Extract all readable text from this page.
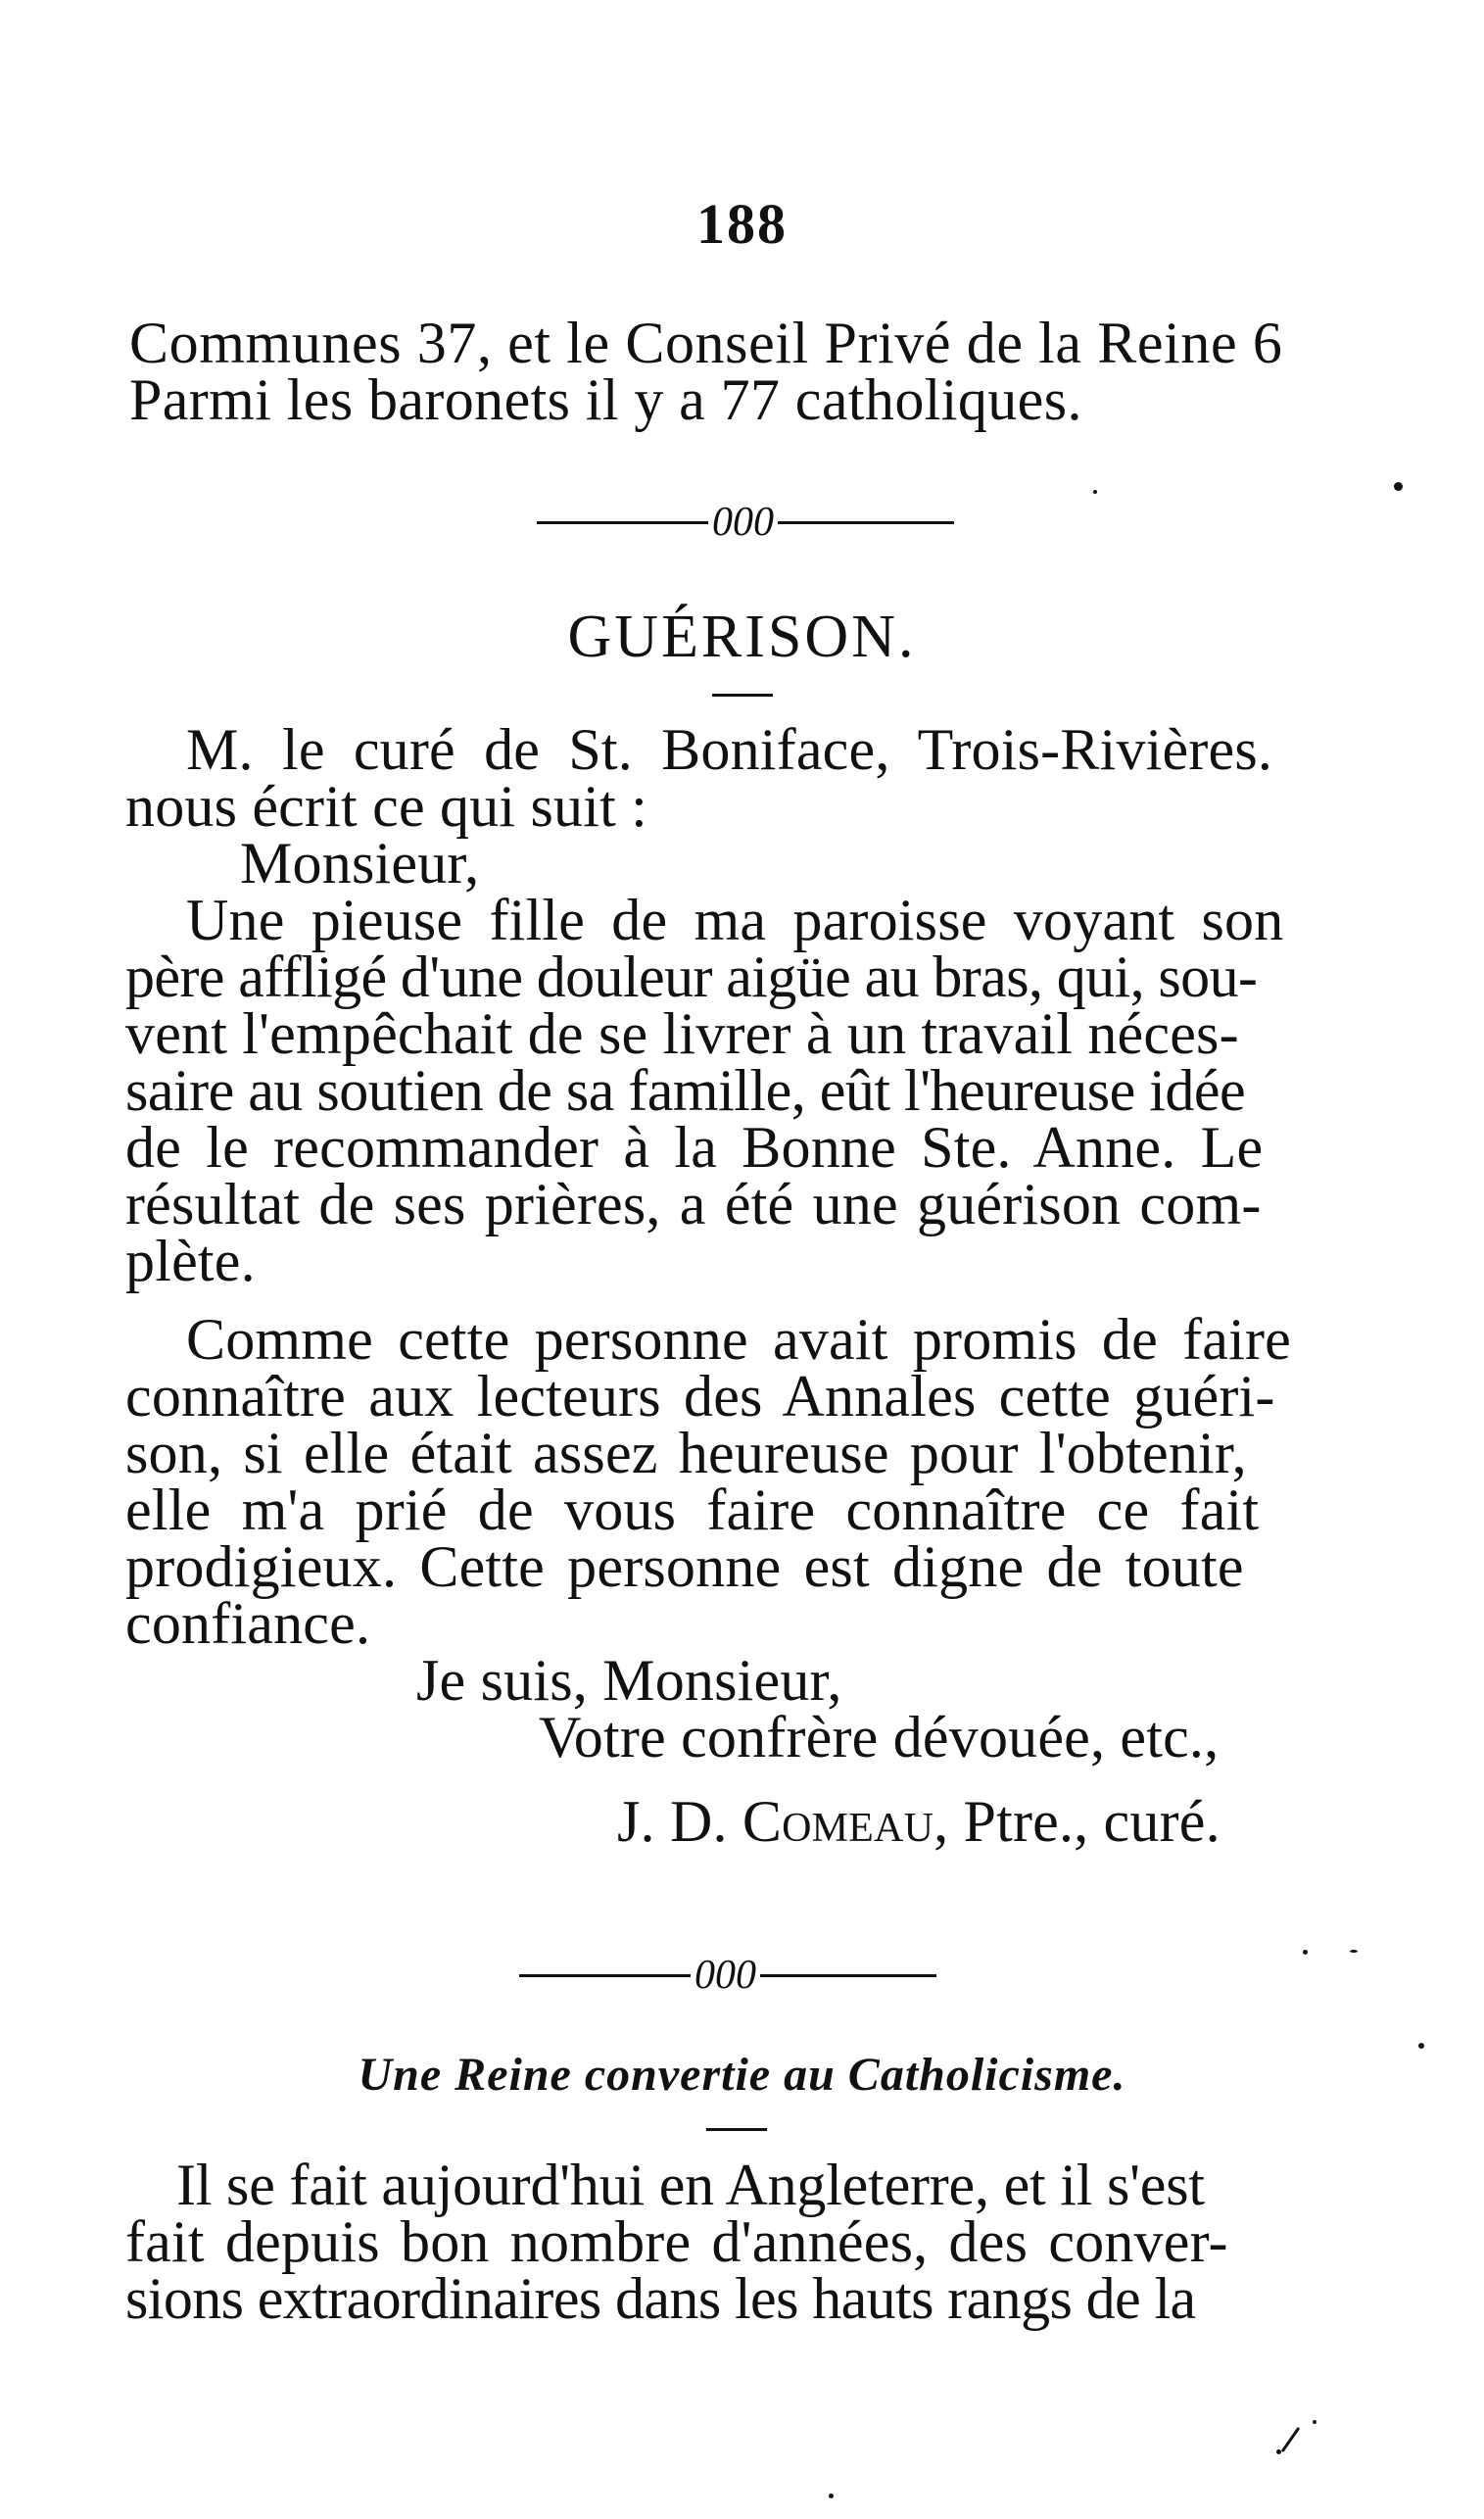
188
Communes 37, et le Conseil Privé de la Reine 6
Parmi les baronets il y a 77 catholiques.
000
GUÉRISON.
M. le curé de St. Boniface, Trois-Rivières.
nous écrit ce qui suit :
Monsieur,
Une pieuse fille de ma paroisse voyant son
père affligé d'une douleur aigüe au bras, qui, sou-
vent l'empêchait de se livrer à un travail néces-
saire au soutien de sa famille, eût l'heureuse idée
de le recommander à la Bonne Ste. Anne. Le
résultat de ses prières, a été une guérison com-
plète.
Comme cette personne avait promis de faire
connaître aux lecteurs des Annales cette guéri-
son, si elle était assez heureuse pour l'obtenir,
elle m'a prié de vous faire connaître ce fait
prodigieux. Cette personne est digne de toute
confiance.
Je suis, Monsieur,
Votre confrère dévouée, etc.,
J. D. Comeau, Ptre., curé.
000
Une Reine convertie au Catholicisme.
Il se fait aujourd'hui en Angleterre, et il s'est
fait depuis bon nombre d'années, des conver-
sions extraordinaires dans les hauts rangs de la
